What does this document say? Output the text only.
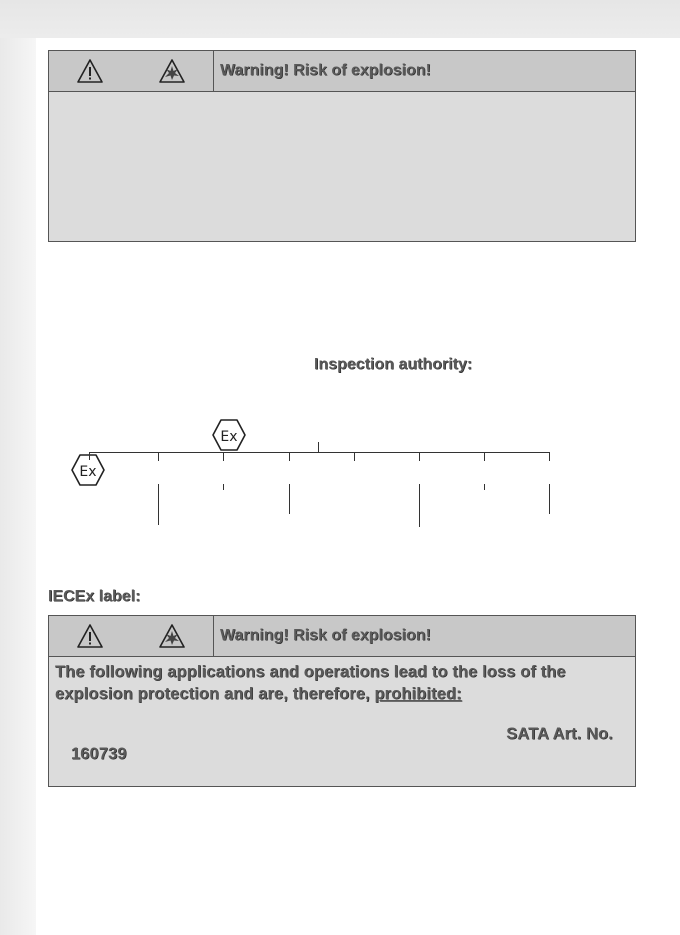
Warning! Risk of explosion!
Inspection authority:
Ex
Ex
IECEx label:
Warning! Risk of explosion!
The following applications and operations lead to the loss of the
explosion protection and are, therefore, prohibited:
SATA Art. No.
160739
